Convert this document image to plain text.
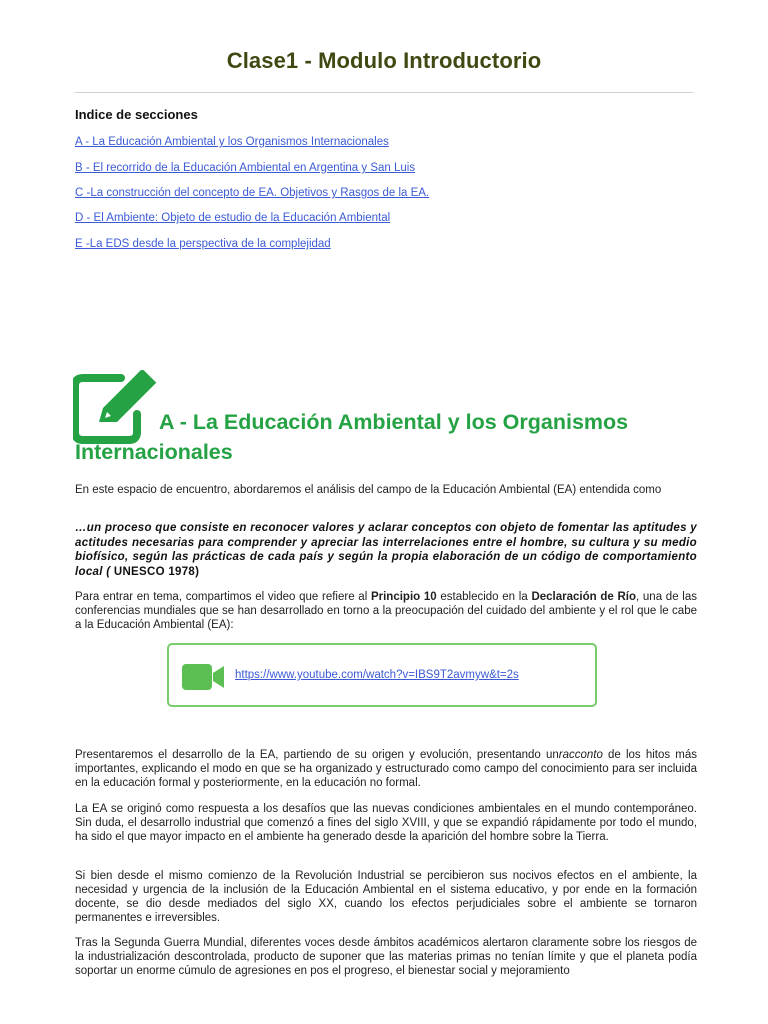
Clase1 - Modulo Introductorio
Indice de secciones
A - La Educación Ambiental y los Organismos Internacionales
B - El recorrido de la Educación Ambiental en Argentina y San Luis
C -La construcción del concepto de EA. Objetivos y Rasgos de la EA.
D - El Ambiente: Objeto de estudio de la Educación Ambiental
E -La EDS desde la perspectiva de la complejidad
A - La Educación Ambiental y los Organismos Internacionales
En este espacio de encuentro, abordaremos el análisis del campo de la Educación Ambiental (EA) entendida como
…un proceso que consiste en reconocer valores y aclarar conceptos con objeto de fomentar las aptitudes y actitudes necesarias para comprender y apreciar las interrelaciones entre el hombre, su cultura y su medio biofísico, según las prácticas de cada país y según la propia elaboración de un código de comportamiento local ( UNESCO 1978)
Para entrar en tema, compartimos el video que refiere al Principio 10 establecido en la Declaración de Río, una de las conferencias mundiales que se han desarrollado en torno a la preocupación del cuidado del ambiente y el rol que le cabe a la Educación Ambiental (EA):
https://www.youtube.com/watch?v=IBS9T2avmyw&t=2s
Presentaremos el desarrollo de la EA, partiendo de su origen y evolución, presentando unracconto de los hitos más importantes, explicando el modo en que se ha organizado y estructurado como campo del conocimiento para ser incluida en la educación formal y posteriormente, en la educación no formal.
La EA se originó como respuesta a los desafíos que las nuevas condiciones ambientales en el mundo contemporáneo. Sin duda, el desarrollo industrial que comenzó a fines del siglo XVIII, y que se expandió rápidamente por todo el mundo, ha sido el que mayor impacto en el ambiente ha generado desde la aparición del hombre sobre la Tierra.
Si bien desde el mismo comienzo de la Revolución Industrial se percibieron sus nocivos efectos en el ambiente, la necesidad y urgencia de la inclusión de la Educación Ambiental en el sistema educativo, y por ende en la formación docente, se dio desde mediados del siglo XX, cuando los efectos perjudiciales sobre el ambiente se tornaron permanentes e irreversibles.
Tras la Segunda Guerra Mundial, diferentes voces desde ámbitos académicos alertaron claramente sobre los riesgos de la industrialización descontrolada, producto de suponer que las materias primas no tenían límite y que el planeta podía soportar un enorme cúmulo de agresiones en pos el progreso, el bienestar social y mejoramiento
